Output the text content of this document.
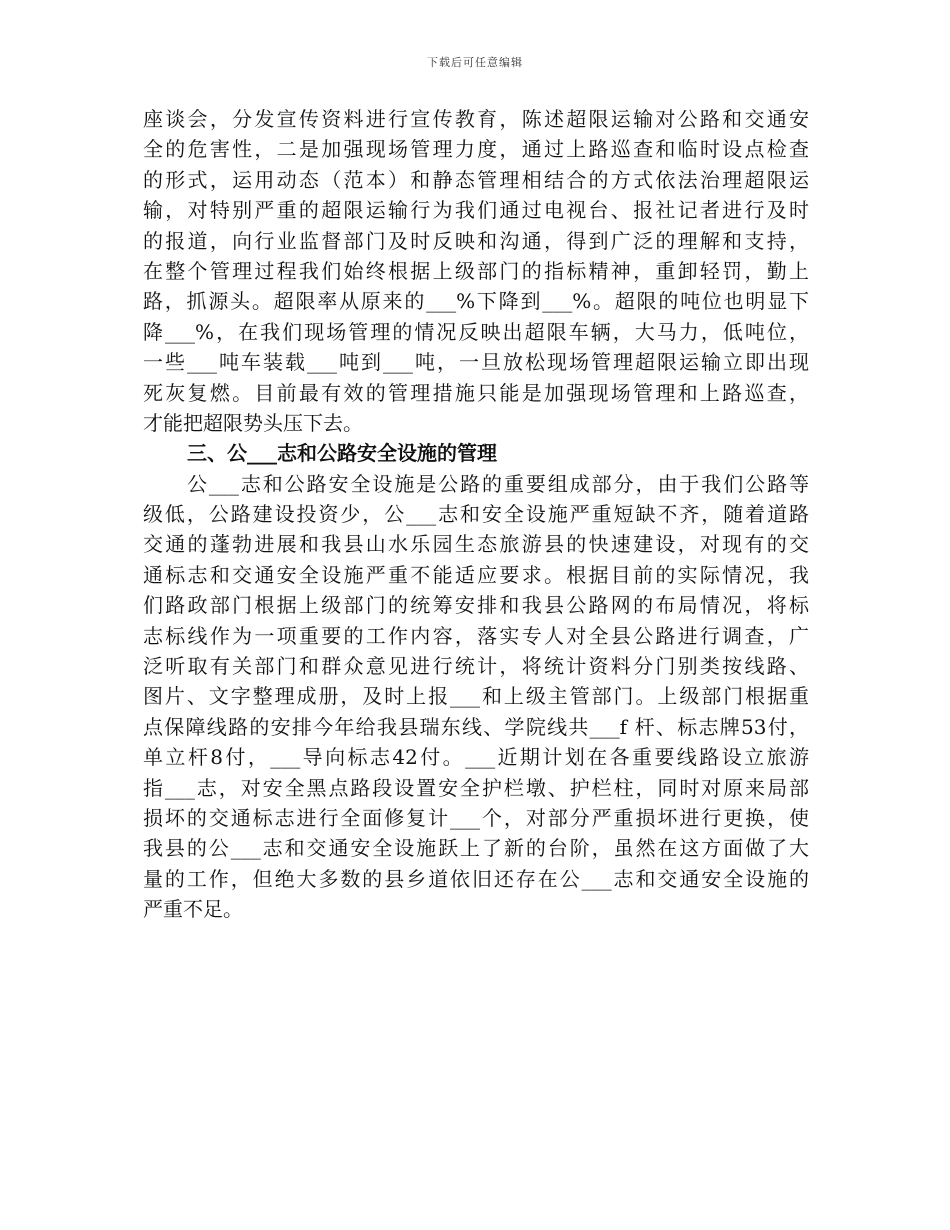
下载后可任意编辑
座谈会，分发宣传资料进行宣传教育，陈述超限运输对公路和交通安
全的危害性，二是加强现场管理力度，通过上路巡查和临时设点检查
的形式，运用动态（范本）和静态管理相结合的方式依法治理超限运
输，对特别严重的超限运输行为我们通过电视台、报社记者进行及时
的报道，向行业监督部门及时反映和沟通，得到广泛的理解和支持，
在整个管理过程我们始终根据上级部门的指标精神，重卸轻罚，勤上
路，抓源头。超限率从原来的___%下降到___%。超限的吨位也明显下
降___%，在我们现场管理的情况反映出超限车辆，大马力，低吨位，
一些___吨车装载___吨到___吨，一旦放松现场管理超限运输立即出现
死灰复燃。目前最有效的管理措施只能是加强现场管理和上路巡查，
才能把超限势头压下去。
三、公___志和公路安全设施的管理
公___志和公路安全设施是公路的重要组成部分，由于我们公路等
级低，公路建设投资少，公___志和安全设施严重短缺不齐，随着道路
交通的蓬勃进展和我县山水乐园生态旅游县的快速建设，对现有的交
通标志和交通安全设施严重不能适应要求。根据目前的实际情况，我
们路政部门根据上级部门的统筹安排和我县公路网的布局情况，将标
志标线作为一项重要的工作内容，落实专人对全县公路进行调查，广
泛听取有关部门和群众意见进行统计，将统计资料分门别类按线路、
图片、文字整理成册，及时上报___和上级主管部门。上级部门根据重
点保障线路的安排今年给我县瑞东线、学院线共___f 杆、标志牌53付，
单立杆8付，___导向标志42付。___近期计划在各重要线路设立旅游
指___志，对安全黑点路段设置安全护栏墩、护栏柱，同时对原来局部
损坏的交通标志进行全面修复计___个，对部分严重损坏进行更换，使
我县的公___志和交通安全设施跃上了新的台阶，虽然在这方面做了大
量的工作，但绝大多数的县乡道依旧还存在公___志和交通安全设施的
严重不足。
